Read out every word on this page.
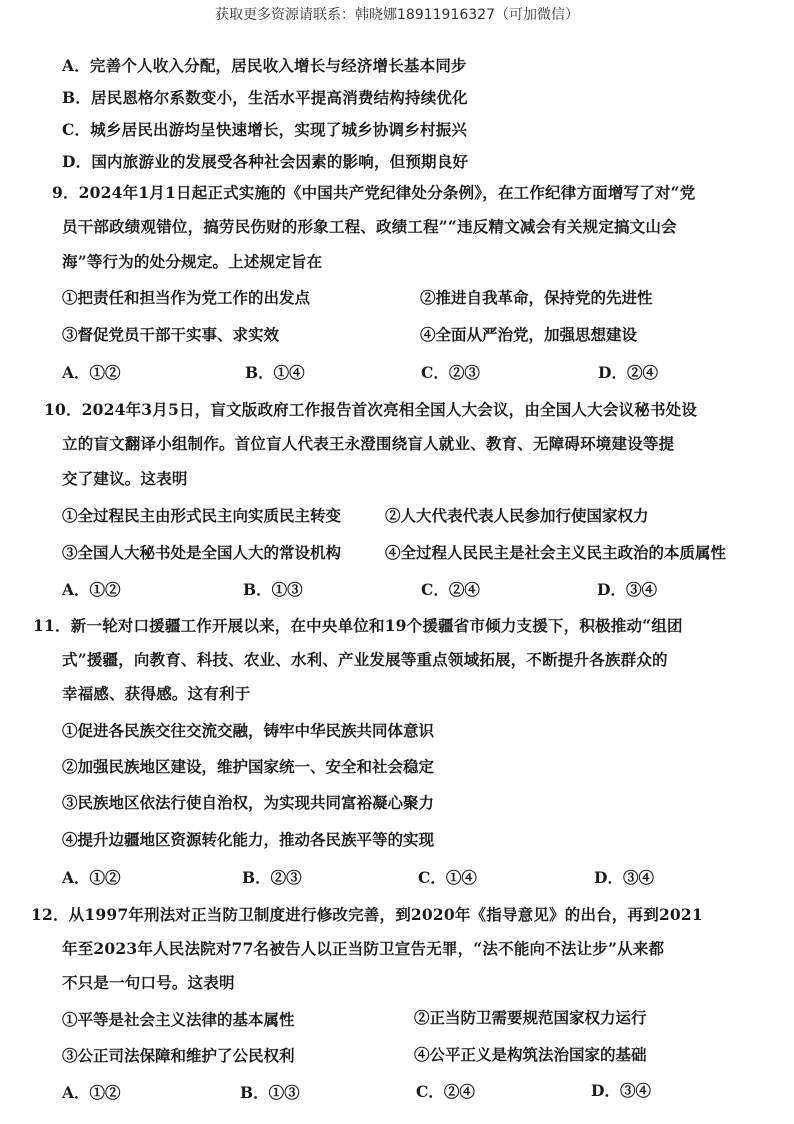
获取更多资源请联系：韩晓娜18911916327（可加微信）
A．完善个人收入分配，居民收入增长与经济增长基本同步
B．居民恩格尔系数变小，生活水平提高消费结构持续优化
C．城乡居民出游均呈快速增长，实现了城乡协调乡村振兴
D．国内旅游业的发展受各种社会因素的影响，但预期良好
9．2024年1月1日起正式实施的《中国共产党纪律处分条例》，在工作纪律方面增写了对“党
员干部政绩观错位，搞劳民伤财的形象工程、政绩工程”“违反精文减会有关规定搞文山会
海”等行为的处分规定。上述规定旨在
①把责任和担当作为党工作的出发点	②推进自我革命，保持党的先进性
③督促党员干部干实事、求实效	④全面从严治党，加强思想建设
A．①②	B．①④	C．②③	D．②④
10．2024年3月5日，盲文版政府工作报告首次亮相全国人大会议，由全国人大会议秘书处设
立的盲文翻译小组制作。首位盲人代表王永澄围绕盲人就业、教育、无障碍环境建设等提
交了建议。这表明
①全过程民主由形式民主向实质民主转变	②人大代表代表人民参加行使国家权力
③全国人大秘书处是全国人大的常设机构	④全过程人民民主是社会主义民主政治的本质属性
A．①②	B．①③	C．②④	D．③④
11．新一轮对口援疆工作开展以来，在中央单位和19个援疆省市倾力支援下，积极推动“组团
式”援疆，向教育、科技、农业、水利、产业发展等重点领域拓展，不断提升各族群众的
幸福感、获得感。这有利于
①促进各民族交往交流交融，铸牢中华民族共同体意识
②加强民族地区建设，维护国家统一、安全和社会稳定
③民族地区依法行使自治权，为实现共同富裕凝心聚力
④提升边疆地区资源转化能力，推动各民族平等的实现
A．①②	B．②③	C．①④	D．③④
12．从1997年刑法对正当防卫制度进行修改完善，到2020年《指导意见》的出台，再到2021
年至2023年人民法院对77名被告人以正当防卫宣告无罪，“法不能向不法让步”从来都
不只是一句口号。这表明
①平等是社会主义法律的基本属性	②正当防卫需要规范国家权力运行
③公正司法保障和维护了公民权利	④公平正义是构筑法治国家的基础
A．①②	B．①③	C．②④	D．③④
